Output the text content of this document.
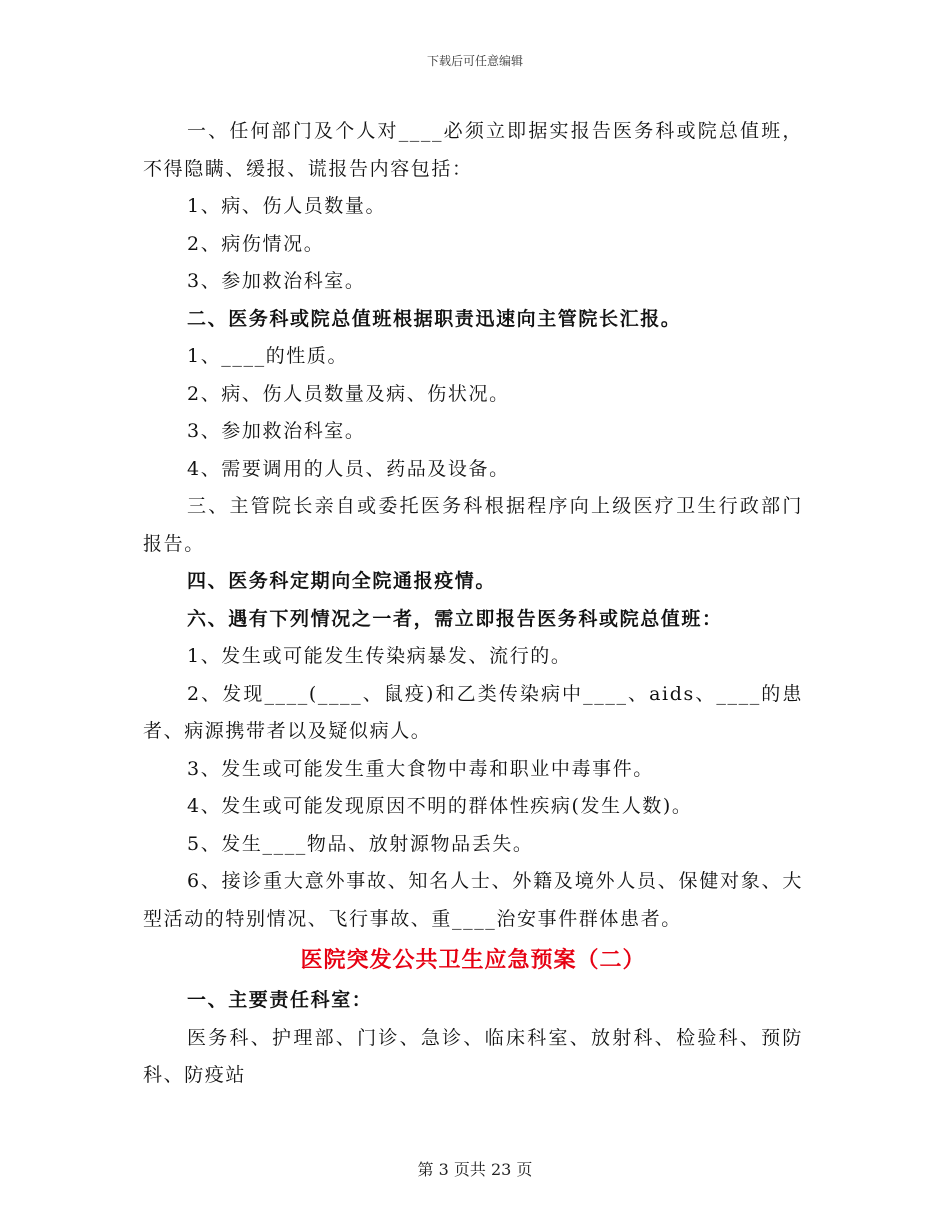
下载后可任意编辑

一、任何部门及个人对____必须立即据实报告医务科或院总值班，不得隐瞒、缓报、谎报告内容包括：

1、病、伤人员数量。

2、病伤情况。

3、参加救治科室。

二、医务科或院总值班根据职责迅速向主管院长汇报。

1、____的性质。

2、病、伤人员数量及病、伤状况。

3、参加救治科室。

4、需要调用的人员、药品及设备。

三、主管院长亲自或委托医务科根据程序向上级医疗卫生行政部门报告。

四、医务科定期向全院通报疫情。

六、遇有下列情况之一者，需立即报告医务科或院总值班：

1、发生或可能发生传染病暴发、流行的。

2、发现____(____、鼠疫)和乙类传染病中____、aids、____的患者、病源携带者以及疑似病人。

3、发生或可能发生重大食物中毒和职业中毒事件。

4、发生或可能发现原因不明的群体性疾病(发生人数)。

5、发生____物品、放射源物品丢失。

6、接诊重大意外事故、知名人士、外籍及境外人员、保健对象、大型活动的特别情况、飞行事故、重____治安事件群体患者。

医院突发公共卫生应急预案（二）

一、主要责任科室：

医务科、护理部、门诊、急诊、临床科室、放射科、检验科、预防科、防疫站

第 3 页共 23 页
